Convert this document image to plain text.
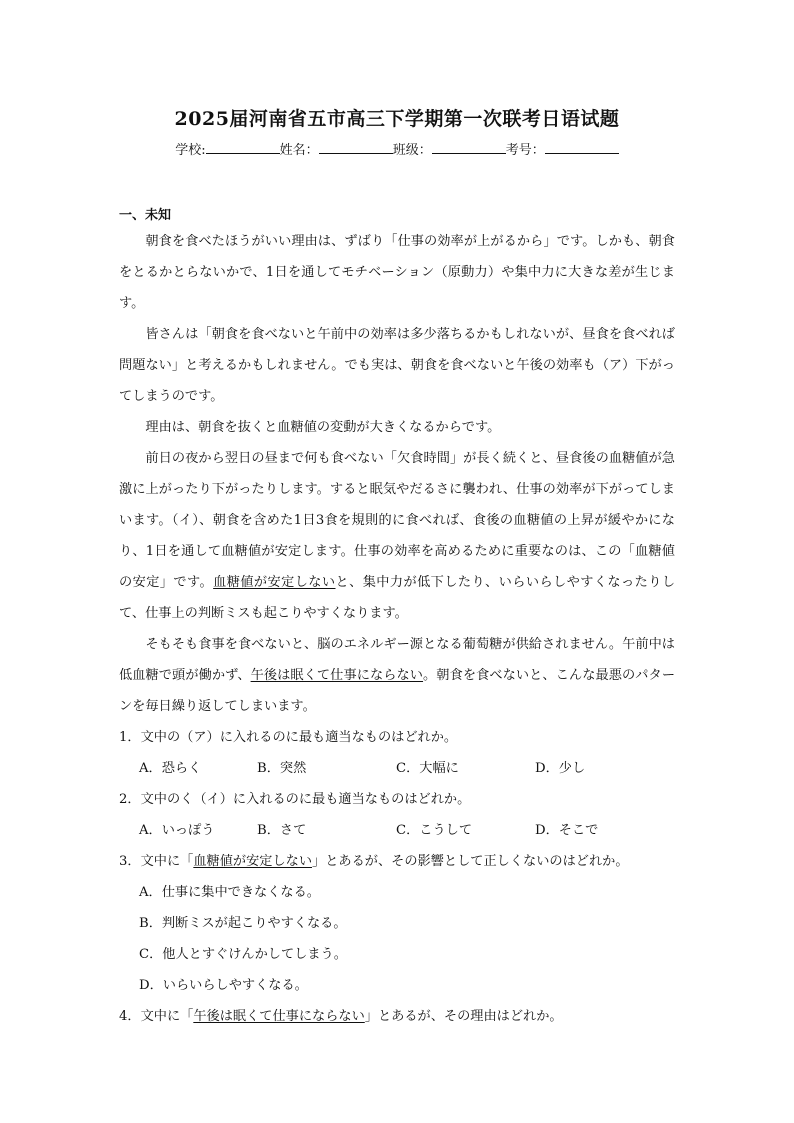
2025届河南省五市高三下学期第一次联考日语试题
学校:	姓名：	班级：	考号：
一、未知

朝食を食べたほうがいい理由は、ずばり「仕事の効率が上がるから」です。しかも、朝食をとるかとらないかで、1日を通してモチベーション（原動力）や集中力に大きな差が生じます。

皆さんは「朝食を食べないと午前中の効率は多少落ちるかもしれないが、昼食を食べれば問題ない」と考えるかもしれません。でも実は、朝食を食べないと午後の効率も（ア）下がってしまうのです。

理由は、朝食を抜くと血糖値の変動が大きくなるからです。

前日の夜から翌日の昼まで何も食べない「欠食時間」が長く続くと、昼食後の血糖値が急激に上がったり下がったりします。すると眠気やだるさに襲われ、仕事の効率が下がってしまいます。（イ）、朝食を含めた1日3食を規則的に食べれば、食後の血糖値の上昇が緩やかになり、1日を通して血糖値が安定します。仕事の効率を高めるために重要なのは、この「血糖値の安定」です。血糖値が安定しないと、集中力が低下したり、いらいらしやすくなったりして、仕事上の判断ミスも起こりやすくなります。

そもそも食事を食べないと、脳のエネルギー源となる葡萄糖が供給されません。午前中は低血糖で頭が働かず、午後は眠くて仕事にならない。朝食を食べないと、こんな最悪のパターンを毎日繰り返してしまいます。

1．文中の（ア）に入れるのに最も適当なものはどれか。

A．恐らく	B．突然	C．大幅に	D．少し

2．文中のく（イ）に入れるのに最も適当なものはどれか。

A．いっぽう	B．さて	C．こうして	D．そこで

3．文中に「血糖値が安定しない」とあるが、その影響として正しくないのはどれか。

A．仕事に集中できなくなる。

B．判断ミスが起こりやすくなる。

C．他人とすぐけんかしてしまう。

D．いらいらしやすくなる。

4．文中に「午後は眠くて仕事にならない」とあるが、その理由はどれか。
